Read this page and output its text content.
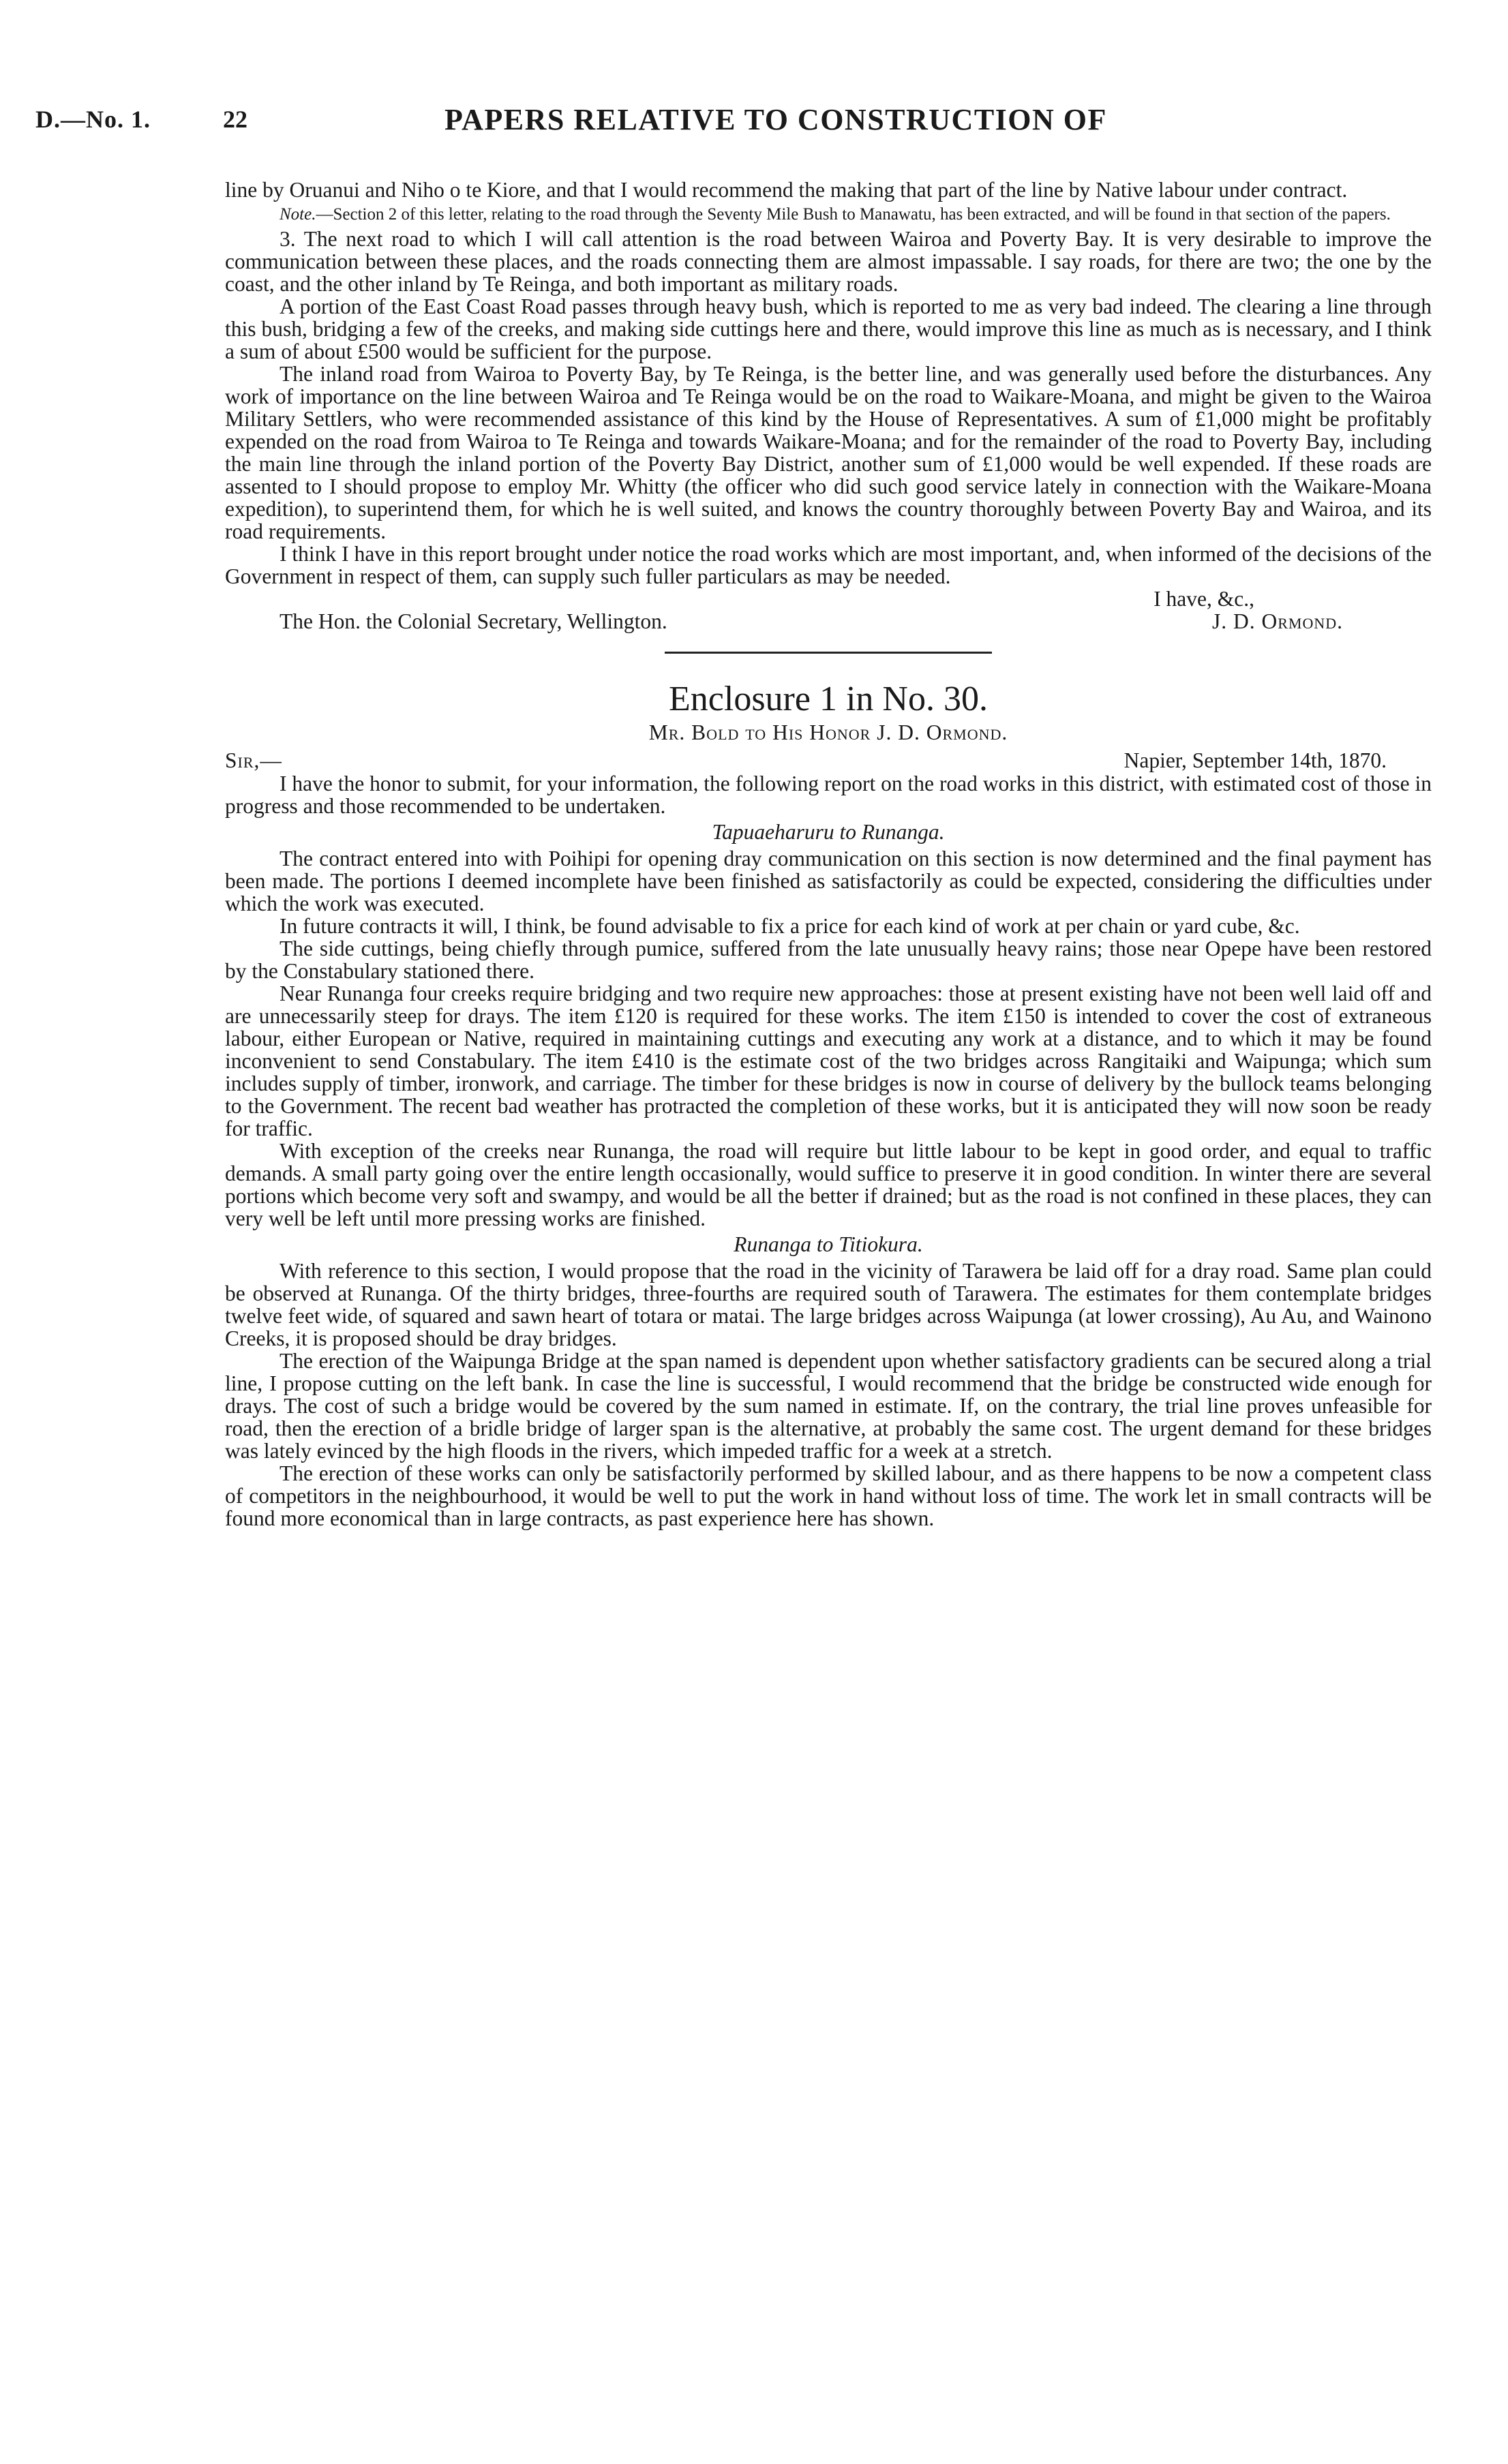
D.—No. 1.	22	PAPERS RELATIVE TO CONSTRUCTION OF

line by Oruanui and Niho o te Kiore, and that I would recommend the making that part of the line by Native labour under contract.

Note.—Section 2 of this letter, relating to the road through the Seventy Mile Bush to Manawatu, has been extracted, and will be found in that section of the papers.

3. The next road to which I will call attention is the road between Wairoa and Poverty Bay. It is very desirable to improve the communication between these places, and the roads connecting them are almost impassable. I say roads, for there are two; the one by the coast, and the other inland by Te Reinga, and both important as military roads.

A portion of the East Coast Road passes through heavy bush, which is reported to me as very bad indeed. The clearing a line through this bush, bridging a few of the creeks, and making side cuttings here and there, would improve this line as much as is necessary, and I think a sum of about £500 would be sufficient for the purpose.

The inland road from Wairoa to Poverty Bay, by Te Reinga, is the better line, and was generally used before the disturbances. Any work of importance on the line between Wairoa and Te Reinga would be on the road to Waikare-Moana, and might be given to the Wairoa Military Settlers, who were recommended assistance of this kind by the House of Representatives. A sum of £1,000 might be profitably expended on the road from Wairoa to Te Reinga and towards Waikare-Moana; and for the remainder of the road to Poverty Bay, including the main line through the inland portion of the Poverty Bay District, another sum of £1,000 would be well expended. If these roads are assented to I should propose to employ Mr. Whitty (the officer who did such good service lately in connection with the Waikare-Moana expedition), to superintend them, for which he is well suited, and knows the country thoroughly between Poverty Bay and Wairoa, and its road requirements.

I think I have in this report brought under notice the road works which are most important, and, when informed of the decisions of the Government in respect of them, can supply such fuller particulars as may be needed.

I have, &c.,
The Hon. the Colonial Secretary, Wellington.	J. D. Ormond.

Enclosure 1 in No. 30.

Mr. Bold to His Honor J. D. Ormond.

Sir,—	Napier, September 14th, 1870.

I have the honor to submit, for your information, the following report on the road works in this district, with estimated cost of those in progress and those recommended to be undertaken.

Tapuaeharuru to Runanga.

The contract entered into with Poihipi for opening dray communication on this section is now determined and the final payment has been made. The portions I deemed incomplete have been finished as satisfactorily as could be expected, considering the difficulties under which the work was executed.

In future contracts it will, I think, be found advisable to fix a price for each kind of work at per chain or yard cube, &c.

The side cuttings, being chiefly through pumice, suffered from the late unusually heavy rains; those near Opepe have been restored by the Constabulary stationed there.

Near Runanga four creeks require bridging and two require new approaches: those at present existing have not been well laid off and are unnecessarily steep for drays. The item £120 is required for these works. The item £150 is intended to cover the cost of extraneous labour, either European or Native, required in maintaining cuttings and executing any work at a distance, and to which it may be found inconvenient to send Constabulary. The item £410 is the estimate cost of the two bridges across Rangitaiki and Waipunga; which sum includes supply of timber, ironwork, and carriage. The timber for these bridges is now in course of delivery by the bullock teams belonging to the Government. The recent bad weather has protracted the completion of these works, but it is anticipated they will now soon be ready for traffic.

With exception of the creeks near Runanga, the road will require but little labour to be kept in good order, and equal to traffic demands. A small party going over the entire length occasionally, would suffice to preserve it in good condition. In winter there are several portions which become very soft and swampy, and would be all the better if drained; but as the road is not confined in these places, they can very well be left until more pressing works are finished.

Runanga to Titiokura.

With reference to this section, I would propose that the road in the vicinity of Tarawera be laid off for a dray road. Same plan could be observed at Runanga. Of the thirty bridges, three-fourths are required south of Tarawera. The estimates for them contemplate bridges twelve feet wide, of squared and sawn heart of totara or matai. The large bridges across Waipunga (at lower crossing), Au Au, and Wainono Creeks, it is proposed should be dray bridges.

The erection of the Waipunga Bridge at the span named is dependent upon whether satisfactory gradients can be secured along a trial line, I propose cutting on the left bank. In case the line is successful, I would recommend that the bridge be constructed wide enough for drays. The cost of such a bridge would be covered by the sum named in estimate. If, on the contrary, the trial line proves unfeasible for road, then the erection of a bridle bridge of larger span is the alternative, at probably the same cost. The urgent demand for these bridges was lately evinced by the high floods in the rivers, which impeded traffic for a week at a stretch.

The erection of these works can only be satisfactorily performed by skilled labour, and as there happens to be now a competent class of competitors in the neighbourhood, it would be well to put the work in hand without loss of time. The work let in small contracts will be found more economical than in large contracts, as past experience here has shown.
